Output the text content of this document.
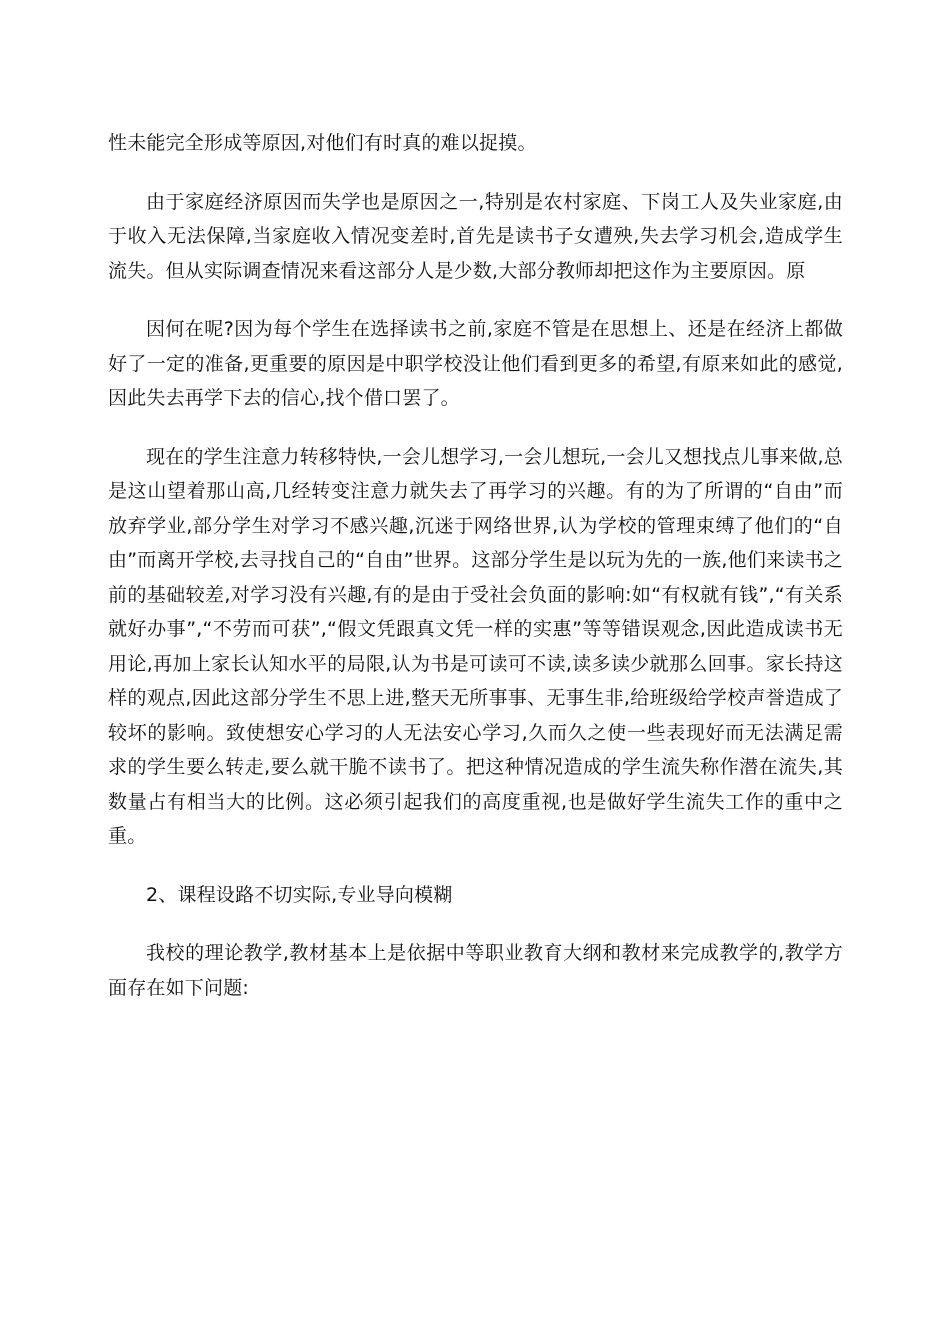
性未能完全形成等原因,对他们有时真的难以捉摸。

由于家庭经济原因而失学也是原因之一,特别是农村家庭、下岗工人及失业家庭,由于收入无法保障,当家庭收入情况变差时,首先是读书子女遭殃,失去学习机会,造成学生流失。但从实际调查情况来看这部分人是少数,大部分教师却把这作为主要原因。原

因何在呢?因为每个学生在选择读书之前,家庭不管是在思想上、还是在经济上都做好了一定的准备,更重要的原因是中职学校没让他们看到更多的希望,有原来如此的感觉,因此失去再学下去的信心,找个借口罢了。

现在的学生注意力转移特快,一会儿想学习,一会儿想玩,一会儿又想找点儿事来做,总是这山望着那山高,几经转变注意力就失去了再学习的兴趣。有的为了所谓的“自由”而放弃学业,部分学生对学习不感兴趣,沉迷于网络世界,认为学校的管理束缚了他们的“自由”而离开学校,去寻找自己的“自由”世界。这部分学生是以玩为先的一族,他们来读书之前的基础较差,对学习没有兴趣,有的是由于受社会负面的影响:如“有权就有钱”,“有关系就好办事”,“不劳而可获”,“假文凭跟真文凭一样的实惠”等等错误观念,因此造成读书无用论,再加上家长认知水平的局限,认为书是可读可不读,读多读少就那么回事。家长持这样的观点,因此这部分学生不思上进,整天无所事事、无事生非,给班级给学校声誉造成了较坏的影响。致使想安心学习的人无法安心学习,久而久之使一些表现好而无法满足需求的学生要么转走,要么就干脆不读书了。把这种情况造成的学生流失称作潜在流失,其数量占有相当大的比例。这必须引起我们的高度重视,也是做好学生流失工作的重中之重。

2、课程设路不切实际,专业导向模糊

我校的理论教学,教材基本上是依据中等职业教育大纲和教材来完成教学的,教学方面存在如下问题:
